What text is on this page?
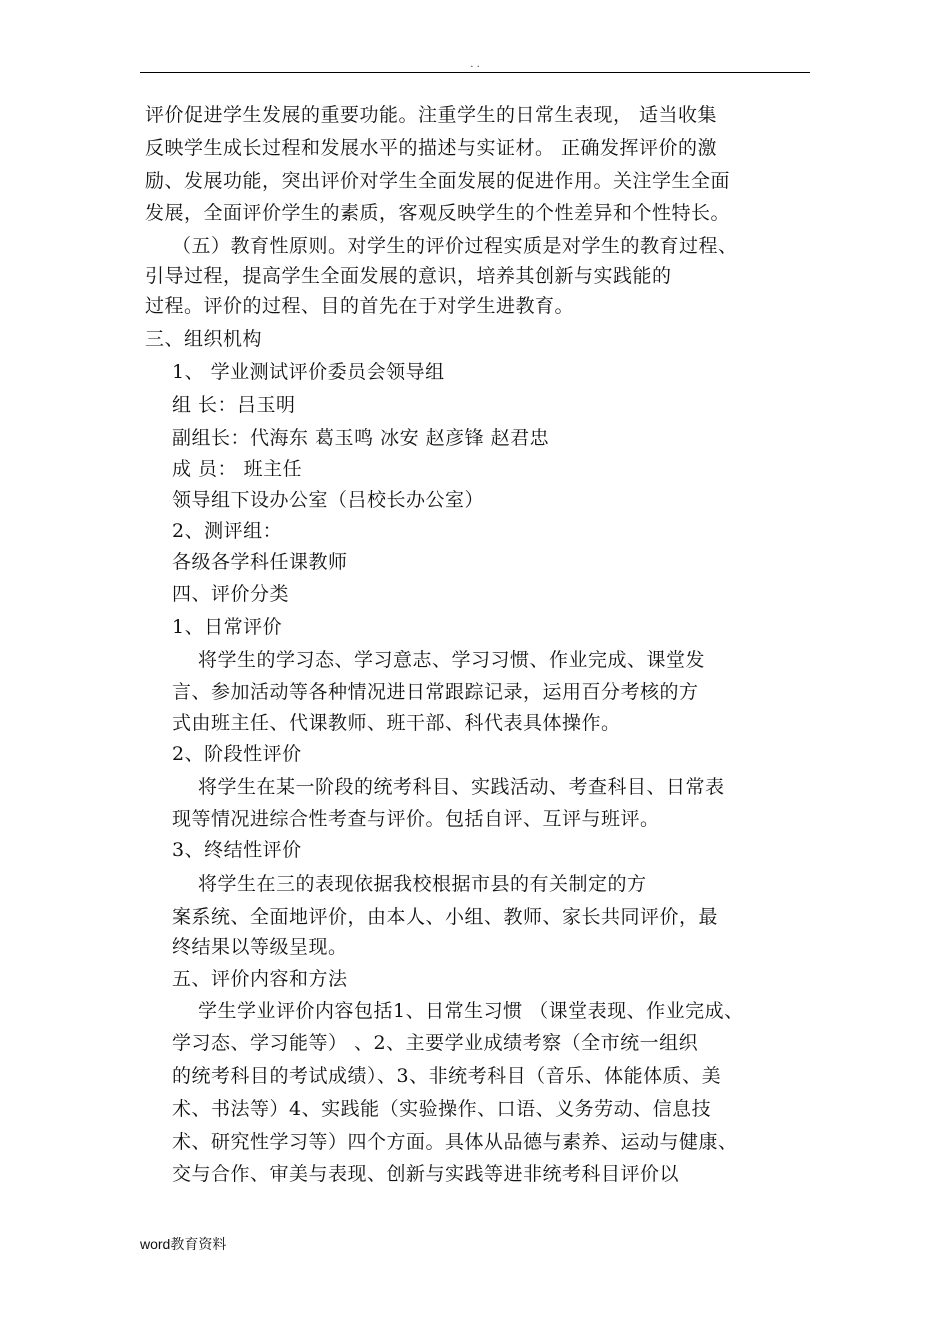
. .
评价促进学生发展的重要功能。注重学生的日常生表现， 适当收集
反映学生成长过程和发展水平的描述与实证材。 正确发挥评价的激
励、发展功能，突出评价对学生全面发展的促进作用。关注学生全面
发展，全面评价学生的素质，客观反映学生的个性差异和个性特长。
（五）教育性原则。对学生的评价过程实质是对学生的教育过程、
引导过程，提高学生全面发展的意识，培养其创新与实践能的
过程。评价的过程、目的首先在于对学生进教育。
三、组织机构
1、 学业测试评价委员会领导组
组 长：吕玉明
副组长：代海东 葛玉鸣 冰安 赵彦锋 赵君忠
成 员： 班主任
领导组下设办公室（吕校长办公室）
2、测评组：
各级各学科任课教师
四、评价分类
1、日常评价
将学生的学习态、学习意志、学习习惯、作业完成、课堂发
言、参加活动等各种情况进日常跟踪记录，运用百分考核的方
式由班主任、代课教师、班干部、科代表具体操作。
2、阶段性评价
将学生在某一阶段的统考科目、实践活动、考查科目、日常表
现等情况进综合性考查与评价。包括自评、互评与班评。
3、终结性评价
将学生在三的表现依据我校根据市县的有关制定的方
案系统、全面地评价，由本人、小组、教师、家长共同评价，最
终结果以等级呈现。
五、评价内容和方法
学生学业评价内容包括1、日常生习惯 （课堂表现、作业完成、
学习态、学习能等） 、2、主要学业成绩考察（全市统一组织
的统考科目的考试成绩）、3、非统考科目（音乐、体能体质、美
术、书法等）4、实践能（实验操作、口语、义务劳动、信息技
术、研究性学习等）四个方面。具体从品德与素养、运动与健康、
交与合作、审美与表现、创新与实践等进非统考科目评价以
word教育资料
